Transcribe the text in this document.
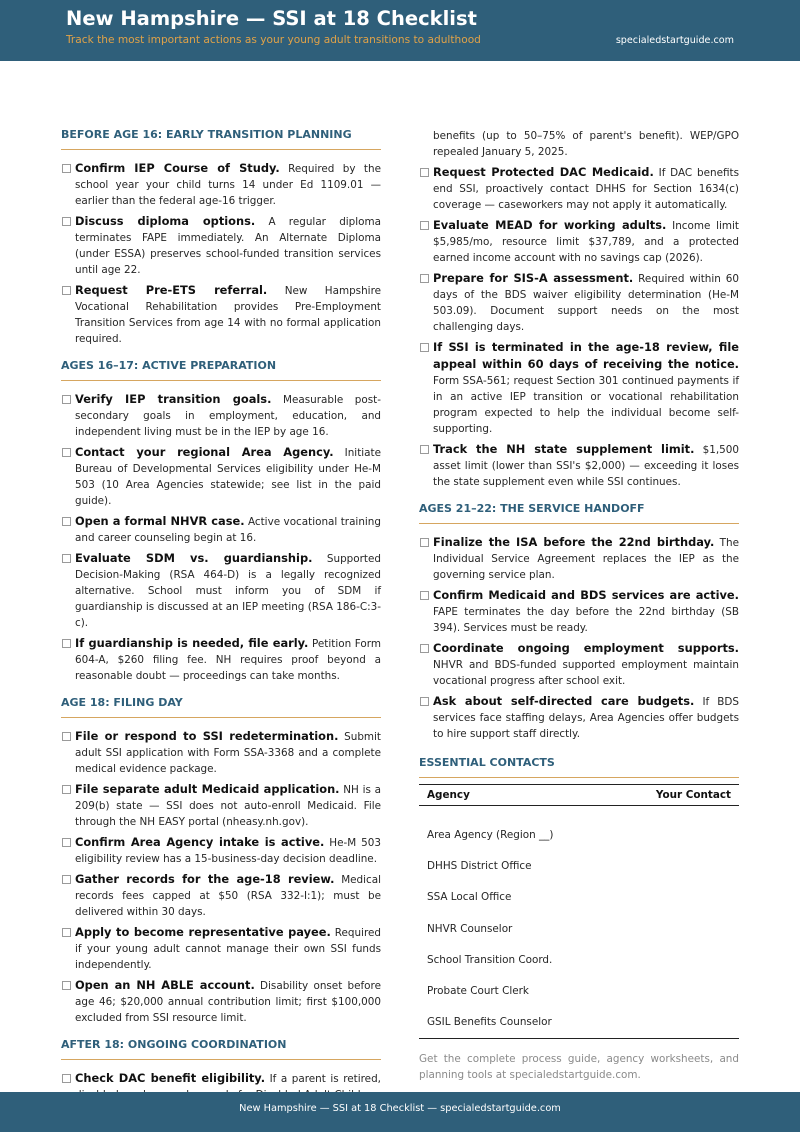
New Hampshire — SSI at 18 Checklist
Track the most important actions as your young adult transitions to adulthood	specialedstartguide.com
BEFORE AGE 16: EARLY TRANSITION PLANNING
Confirm IEP Course of Study. Required by the school year your child turns 14 under Ed 1109.01 — earlier than the federal age-16 trigger.
Discuss diploma options. A regular diploma terminates FAPE immediately. An Alternate Diploma (under ESSA) preserves school-funded transition services until age 22.
Request Pre-ETS referral. New Hampshire Vocational Rehabilitation provides Pre-Employment Transition Services from age 14 with no formal application required.
AGES 16–17: ACTIVE PREPARATION
Verify IEP transition goals. Measurable post-secondary goals in employment, education, and independent living must be in the IEP by age 16.
Contact your regional Area Agency. Initiate Bureau of Developmental Services eligibility under He-M 503 (10 Area Agencies statewide; see list in the paid guide).
Open a formal NHVR case. Active vocational training and career counseling begin at 16.
Evaluate SDM vs. guardianship. Supported Decision-Making (RSA 464-D) is a legally recognized alternative. School must inform you of SDM if guardianship is discussed at an IEP meeting (RSA 186-C:3-c).
If guardianship is needed, file early. Petition Form 604-A, $260 filing fee. NH requires proof beyond a reasonable doubt — proceedings can take months.
AGE 18: FILING DAY
File or respond to SSI redetermination. Submit adult SSI application with Form SSA-3368 and a complete medical evidence package.
File separate adult Medicaid application. NH is a 209(b) state — SSI does not auto-enroll Medicaid. File through the NH EASY portal (nheasy.nh.gov).
Confirm Area Agency intake is active. He-M 503 eligibility review has a 15-business-day decision deadline.
Gather records for the age-18 review. Medical records fees capped at $50 (RSA 332-I:1); must be delivered within 30 days.
Apply to become representative payee. Required if your young adult cannot manage their own SSI funds independently.
Open an NH ABLE account. Disability onset before age 46; $20,000 annual contribution limit; first $100,000 excluded from SSI resource limit.
AFTER 18: ONGOING COORDINATION
Check DAC benefit eligibility. If a parent is retired,
benefits (up to 50–75% of parent's benefit). WEP/GPO repealed January 5, 2025.
Request Protected DAC Medicaid. If DAC benefits end SSI, proactively contact DHHS for Section 1634(c) coverage — caseworkers may not apply it automatically.
Evaluate MEAD for working adults. Income limit $5,985/mo, resource limit $37,789, and a protected earned income account with no savings cap (2026).
Prepare for SIS-A assessment. Required within 60 days of the BDS waiver eligibility determination (He-M 503.09). Document support needs on the most challenging days.
If SSI is terminated in the age-18 review, file appeal within 60 days of receiving the notice. Form SSA-561; request Section 301 continued payments if in an active IEP transition or vocational rehabilitation program expected to help the individual become self-supporting.
Track the NH state supplement limit. $1,500 asset limit (lower than SSI's $2,000) — exceeding it loses the state supplement even while SSI continues.
AGES 21–22: THE SERVICE HANDOFF
Finalize the ISA before the 22nd birthday. The Individual Service Agreement replaces the IEP as the governing service plan.
Confirm Medicaid and BDS services are active. FAPE terminates the day before the 22nd birthday (SB 394). Services must be ready.
Coordinate ongoing employment supports. NHVR and BDS-funded supported employment maintain vocational progress after school exit.
Ask about self-directed care budgets. If BDS services face staffing delays, Area Agencies offer budgets to hire support staff directly.
ESSENTIAL CONTACTS
Agency	Your Contact
Area Agency (Region __)
DHHS District Office
SSA Local Office
NHVR Counselor
School Transition Coord.
Probate Court Clerk
GSIL Benefits Counselor
Get the complete process guide, agency worksheets, and planning tools at specialedstartguide.com.
New Hampshire — SSI at 18 Checklist — specialedstartguide.com
